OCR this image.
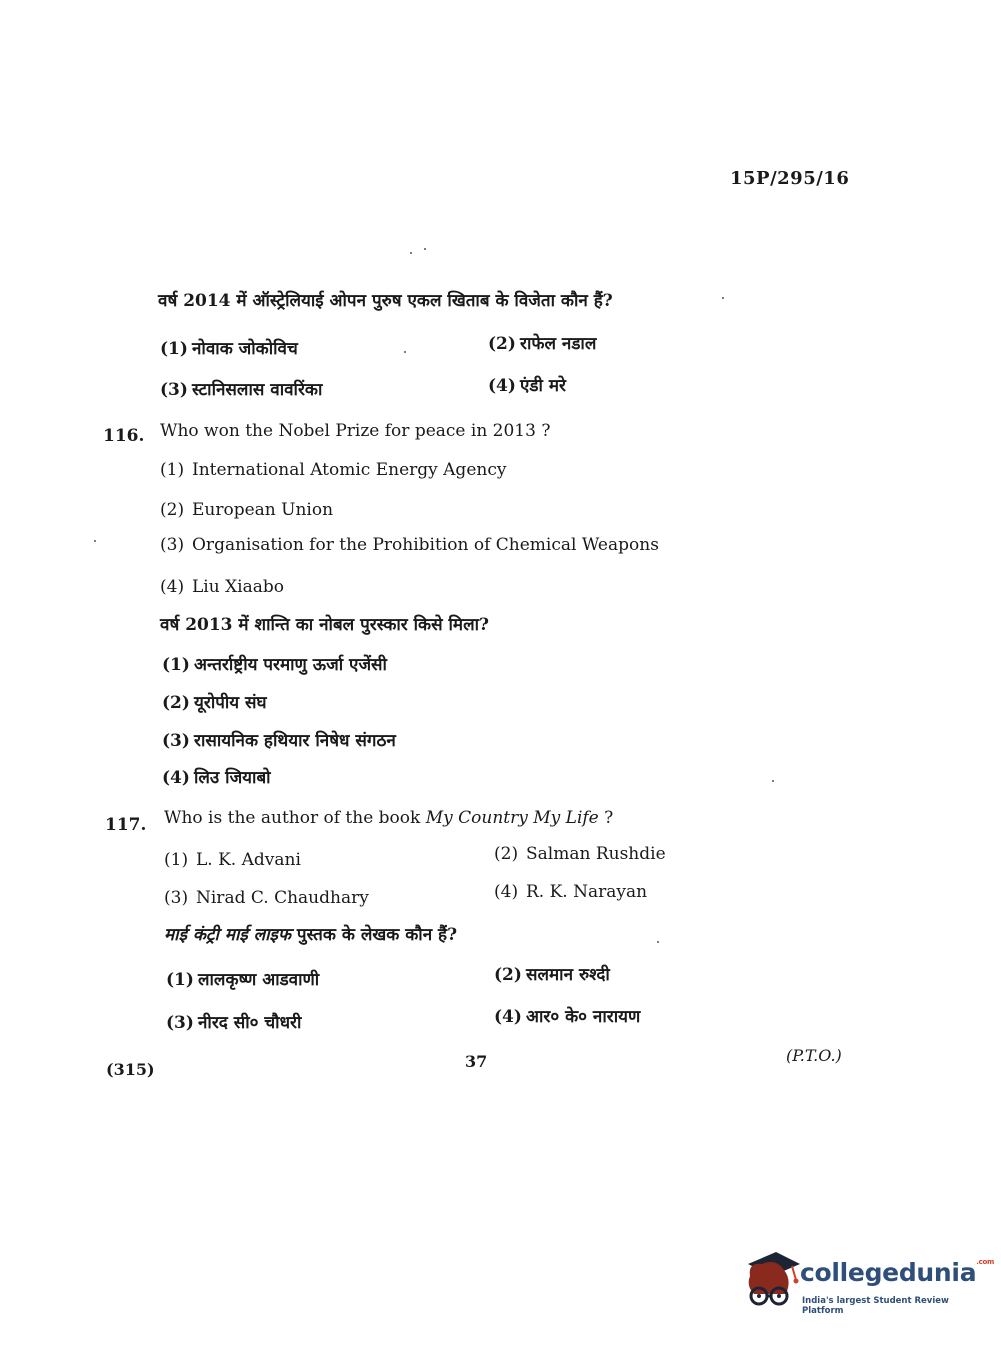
15P/295/16
वर्ष 2014 में ऑस्ट्रेलियाई ओपन पुरुष एकल खिताब के विजेता कौन हैं?
(1) नोवाक जोकोविच	(2) राफेल नडाल
(3) स्टानिसलास वावरिंका	(4) एंडी मरे
116. Who won the Nobel Prize for peace in 2013 ?
(1) International Atomic Energy Agency
(2) European Union
(3) Organisation for the Prohibition of Chemical Weapons
(4) Liu Xiaabo
वर्ष 2013 में शान्ति का नोबल पुरस्कार किसे मिला?
(1) अन्तर्राष्ट्रीय परमाणु ऊर्जा एजेंसी
(2) यूरोपीय संघ
(3) रासायनिक हथियार निषेध संगठन
(4) लिउ जियाबो
117. Who is the author of the book My Country My Life ?
(1) L. K. Advani	(2) Salman Rushdie
(3) Nirad C. Chaudhary	(4) R. K. Narayan
माई कंट्री माई लाइफ पुस्तक के लेखक कौन हैं?
(1) लालकृष्ण आडवाणी	(2) सलमान रुश्दी
(3) नीरद सी० चौधरी	(4) आर० के० नारायण
(315)	37	(P.T.O.)
collegedunia$^{.com}$
India's largest Student Review Platform
